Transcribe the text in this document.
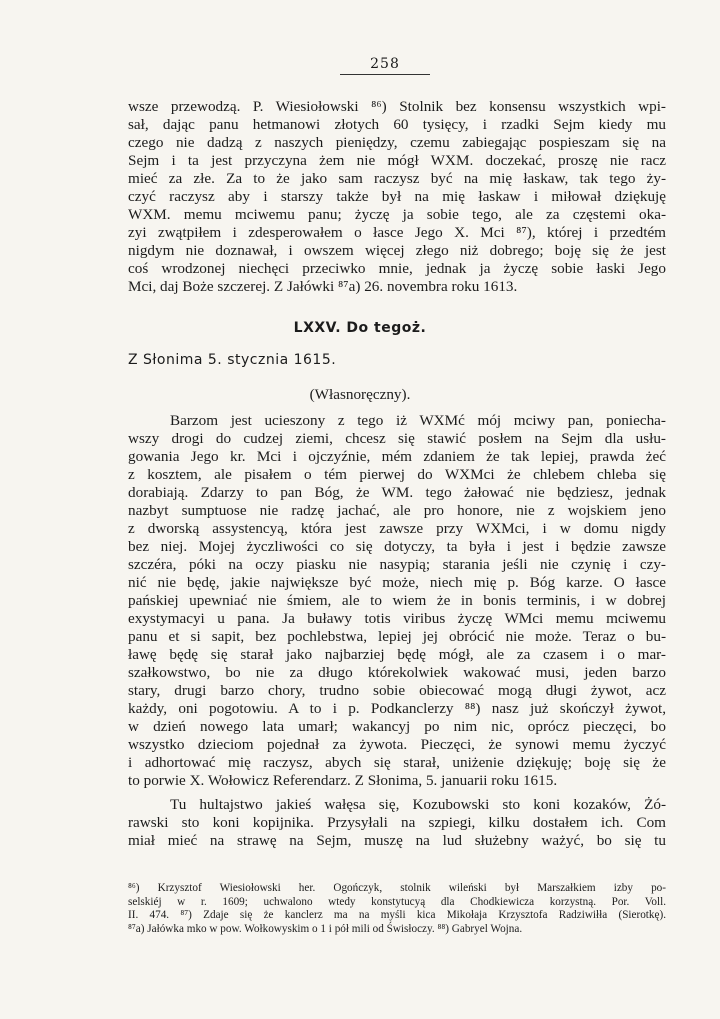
258
wsze przewodzą. P. Wiesiołowski ⁸⁶) Stolnik bez konsensu wszystkich wpi-
sał, dając panu hetmanowi złotych 60 tysięcy, i rzadki Sejm kiedy mu
czego nie dadzą z naszych pieniędzy, czemu zabiegając pospieszam się na
Sejm i ta jest przyczyna żem nie mógł WXM. doczekać, proszę nie racz
mieć za złe. Za to że jako sam raczysz być na mię łaskaw, tak tego ży-
czyć raczysz aby i starszy także był na mię łaskaw i miłował dziękuję
WXM. memu mciwemu panu; życzę ja sobie tego, ale za częstemi oka-
zyi zwątpiłem i zdesperowałem o łasce Jego X. Mci ⁸⁷), której i przedtém
nigdym nie doznawał, i owszem więcej złego niż dobrego; boję się że jest
coś wrodzonej niechęci przeciwko mnie, jednak ja życzę sobie łaski Jego
Mci, daj Boże szczerej. Z Jałówki ⁸⁷a) 26. novembra roku 1613.
LXXV. Do tegoż.
Z Słonima 5. stycznia 1615.
(Własnoręczny).
Barzom jest ucieszony z tego iż WXMć mój mciwy pan, poniecha-
wszy drogi do cudzej ziemi, chcesz się stawić posłem na Sejm dla usłu-
gowania Jego kr. Mci i ojczyźnie, mém zdaniem że tak lepiej, prawda żeć
z kosztem, ale pisałem o tém pierwej do WXMci że chlebem chleba się
dorabiają. Zdarzy to pan Bóg, że WM. tego żałować nie będziesz, jednak
nazbyt sumptuose nie radzę jachać, ale pro honore, nie z wojskiem jeno
z dworską assystencyą, która jest zawsze przy WXMci, i w domu nigdy
bez niej. Mojej życzliwości co się dotyczy, ta była i jest i będzie zawsze
szczéra, póki na oczy piasku nie nasypią; starania jeśli nie czynię i czy-
nić nie będę, jakie największe być może, niech mię p. Bóg karze. O łasce
pańskiej upewniać nie śmiem, ale to wiem że in bonis terminis, i w dobrej
exystymacyi u pana. Ja buławy totis viribus życzę WMci memu mciwemu
panu et si sapit, bez pochlebstwa, lepiej jej obrócić nie może. Teraz o bu-
ławę będę się starał jako najbarziej będę mógł, ale za czasem i o mar-
szałkowstwo, bo nie za długo którekolwiek wakować musi, jeden barzo
stary, drugi barzo chory, trudno sobie obiecować mogą długi żywot, acz
każdy, oni pogotowiu. A to i p. Podkanclerzy ⁸⁸) nasz już skończył żywot,
w dzień nowego lata umarł; wakancyj po nim nic, oprócz pieczęci, bo
wszystko dzieciom pojednał za żywota. Pieczęci, że synowi memu życzyć
i adhortować mię raczysz, abych się starał, uniżenie dziękuję; boję się że
to porwie X. Wołowicz Referendarz. Z Słonima, 5. januarii roku 1615.
Tu hultajstwo jakieś wałęsa się, Kozubowski sto koni kozaków, Żó-
rawski sto koni kopijnika. Przysyłali na szpiegi, kilku dostałem ich. Com
miał mieć na strawę na Sejm, muszę na lud służebny ważyć, bo się tu
⁸⁶) Krzysztof Wiesiołowski her. Ogończyk, stolnik wileński był Marszałkiem izby po-
selskiéj w r. 1609; uchwalono wtedy konstytucyą dla Chodkiewicza korzystną. Por. Voll.
II. 474. ⁸⁷) Zdaje się że kanclerz ma na myśli kica Mikołaja Krzysztofa Radziwiłła (Sierotkę).
⁸⁷a) Jałówka mko w pow. Wołkowyskim o 1 i pół mili od Świsłoczy. ⁸⁸) Gabryel Wojna.
